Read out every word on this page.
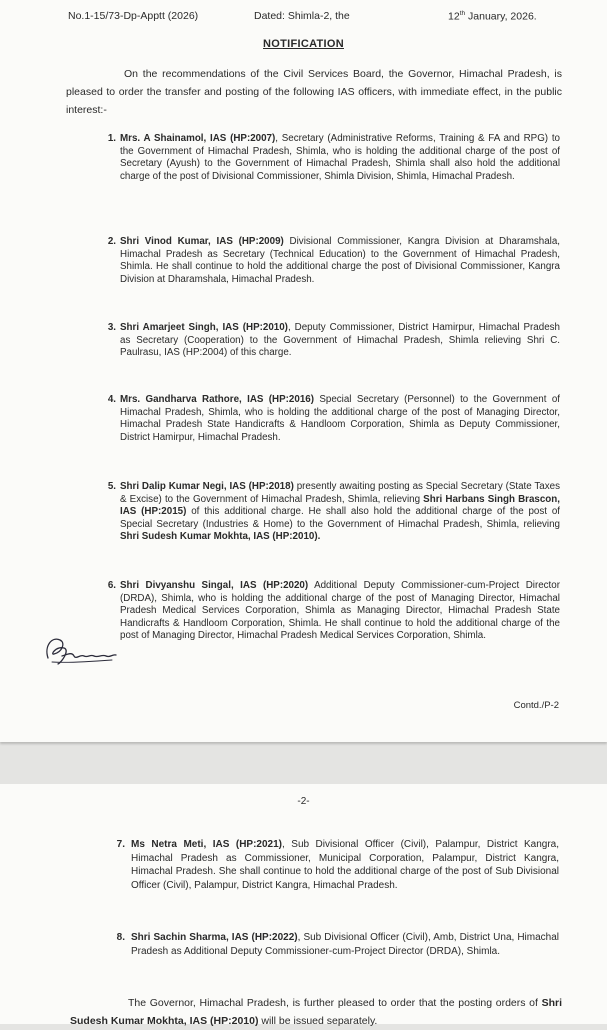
No.1-15/73-Dp-Apptt (2026)	Dated: Shimla-2, the	12th January, 2026.
NOTIFICATION
On the recommendations of the Civil Services Board, the Governor, Himachal Pradesh, is pleased to order the transfer and posting of the following IAS officers, with immediate effect, in the public interest:-
1. Mrs. A Shainamol, IAS (HP:2007), Secretary (Administrative Reforms, Training & FA and RPG) to the Government of Himachal Pradesh, Shimla, who is holding the additional charge of the post of Secretary (Ayush) to the Government of Himachal Pradesh, Shimla shall also hold the additional charge of the post of Divisional Commissioner, Shimla Division, Shimla, Himachal Pradesh.
2. Shri Vinod Kumar, IAS (HP:2009) Divisional Commissioner, Kangra Division at Dharamshala, Himachal Pradesh as Secretary (Technical Education) to the Government of Himachal Pradesh, Shimla. He shall continue to hold the additional charge the post of Divisional Commissioner, Kangra Division at Dharamshala, Himachal Pradesh.
3. Shri Amarjeet Singh, IAS (HP:2010), Deputy Commissioner, District Hamirpur, Himachal Pradesh as Secretary (Cooperation) to the Government of Himachal Pradesh, Shimla relieving Shri C. Paulrasu, IAS (HP:2004) of this charge.
4. Mrs. Gandharva Rathore, IAS (HP:2016) Special Secretary (Personnel) to the Government of Himachal Pradesh, Shimla, who is holding the additional charge of the post of Managing Director, Himachal Pradesh State Handicrafts & Handloom Corporation, Shimla as Deputy Commissioner, District Hamirpur, Himachal Pradesh.
5. Shri Dalip Kumar Negi, IAS (HP:2018) presently awaiting posting as Special Secretary (State Taxes & Excise) to the Government of Himachal Pradesh, Shimla, relieving Shri Harbans Singh Brascon, IAS (HP:2015) of this additional charge. He shall also hold the additional charge of the post of Special Secretary (Industries & Home) to the Government of Himachal Pradesh, Shimla, relieving Shri Sudesh Kumar Mokhta, IAS (HP:2010).
6. Shri Divyanshu Singal, IAS (HP:2020) Additional Deputy Commissioner-cum-Project Director (DRDA), Shimla, who is holding the additional charge of the post of Managing Director, Himachal Pradesh Medical Services Corporation, Shimla as Managing Director, Himachal Pradesh State Handicrafts & Handloom Corporation, Shimla. He shall continue to hold the additional charge of the post of Managing Director, Himachal Pradesh Medical Services Corporation, Shimla.
Contd./P-2
-2-
7. Ms Netra Meti, IAS (HP:2021), Sub Divisional Officer (Civil), Palampur, District Kangra, Himachal Pradesh as Commissioner, Municipal Corporation, Palampur, District Kangra, Himachal Pradesh. She shall continue to hold the additional charge of the post of Sub Divisional Officer (Civil), Palampur, District Kangra, Himachal Pradesh.
8. Shri Sachin Sharma, IAS (HP:2022), Sub Divisional Officer (Civil), Amb, District Una, Himachal Pradesh as Additional Deputy Commissioner-cum-Project Director (DRDA), Shimla.
The Governor, Himachal Pradesh, is further pleased to order that the posting orders of Shri Sudesh Kumar Mokhta, IAS (HP:2010) will be issued separately.
